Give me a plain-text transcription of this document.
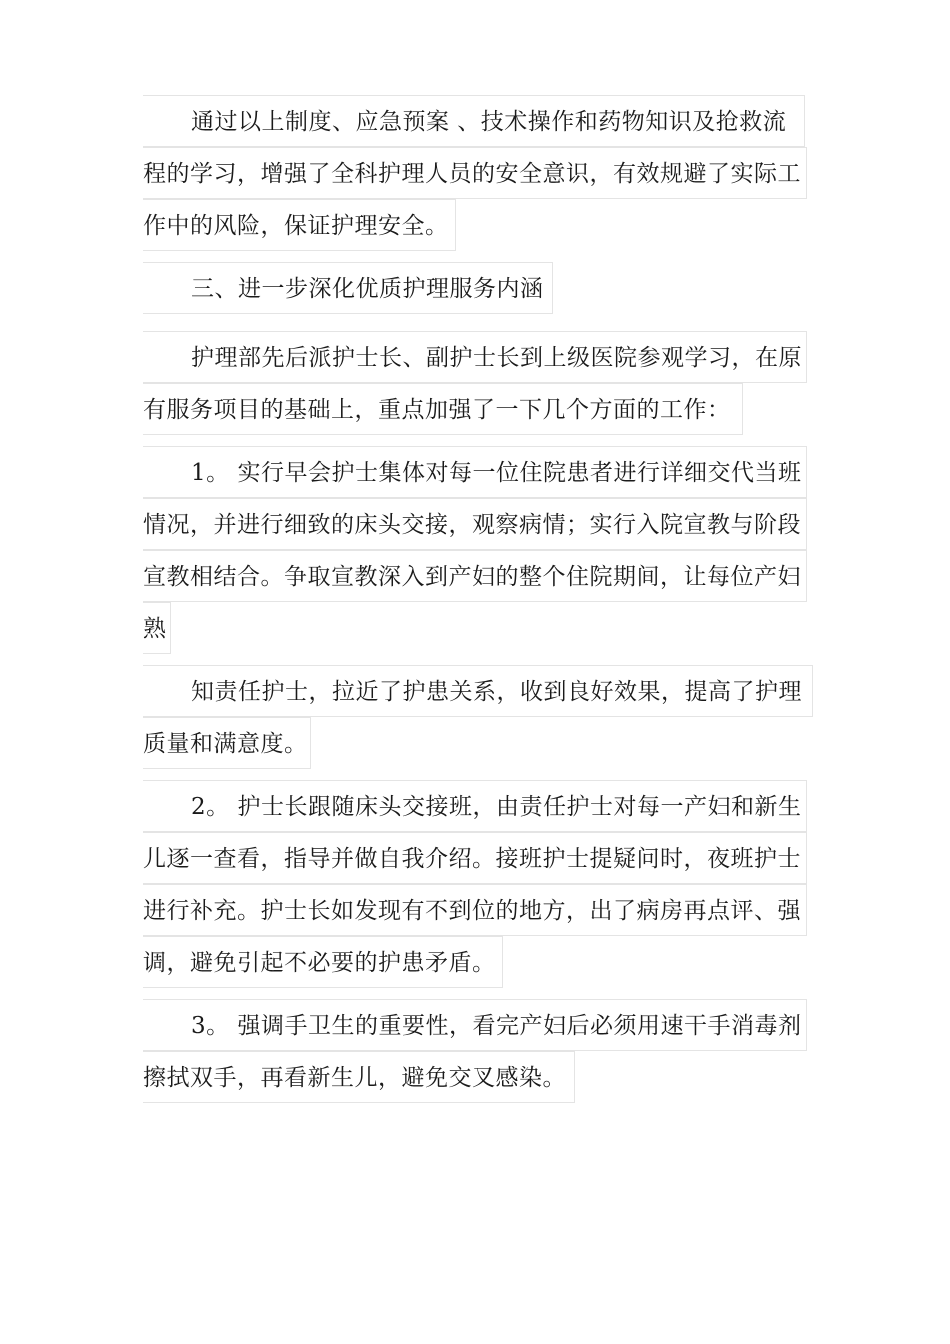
通过以上制度、应急预案 、技术操作和药物知识及抢救流
程的学习，增强了全科护理人员的安全意识，有效规避了实际工
作中的风险，保证护理安全。
三、进一步深化优质护理服务内涵
护理部先后派护士长、副护士长到上级医院参观学习，在原
有服务项目的基础上，重点加强了一下几个方面的工作：
1。 实行早会护士集体对每一位住院患者进行详细交代当班
情况，并进行细致的床头交接，观察病情；实行入院宣教与阶段
宣教相结合。争取宣教深入到产妇的整个住院期间，让每位产妇
熟
知责任护士，拉近了护患关系，收到良好效果，提高了护理
质量和满意度。
2。 护士长跟随床头交接班，由责任护士对每一产妇和新生
儿逐一查看，指导并做自我介绍。接班护士提疑问时，夜班护士
进行补充。护士长如发现有不到位的地方，出了病房再点评、强
调，避免引起不必要的护患矛盾。
3。 强调手卫生的重要性，看完产妇后必须用速干手消毒剂
擦拭双手，再看新生儿，避免交叉感染。
